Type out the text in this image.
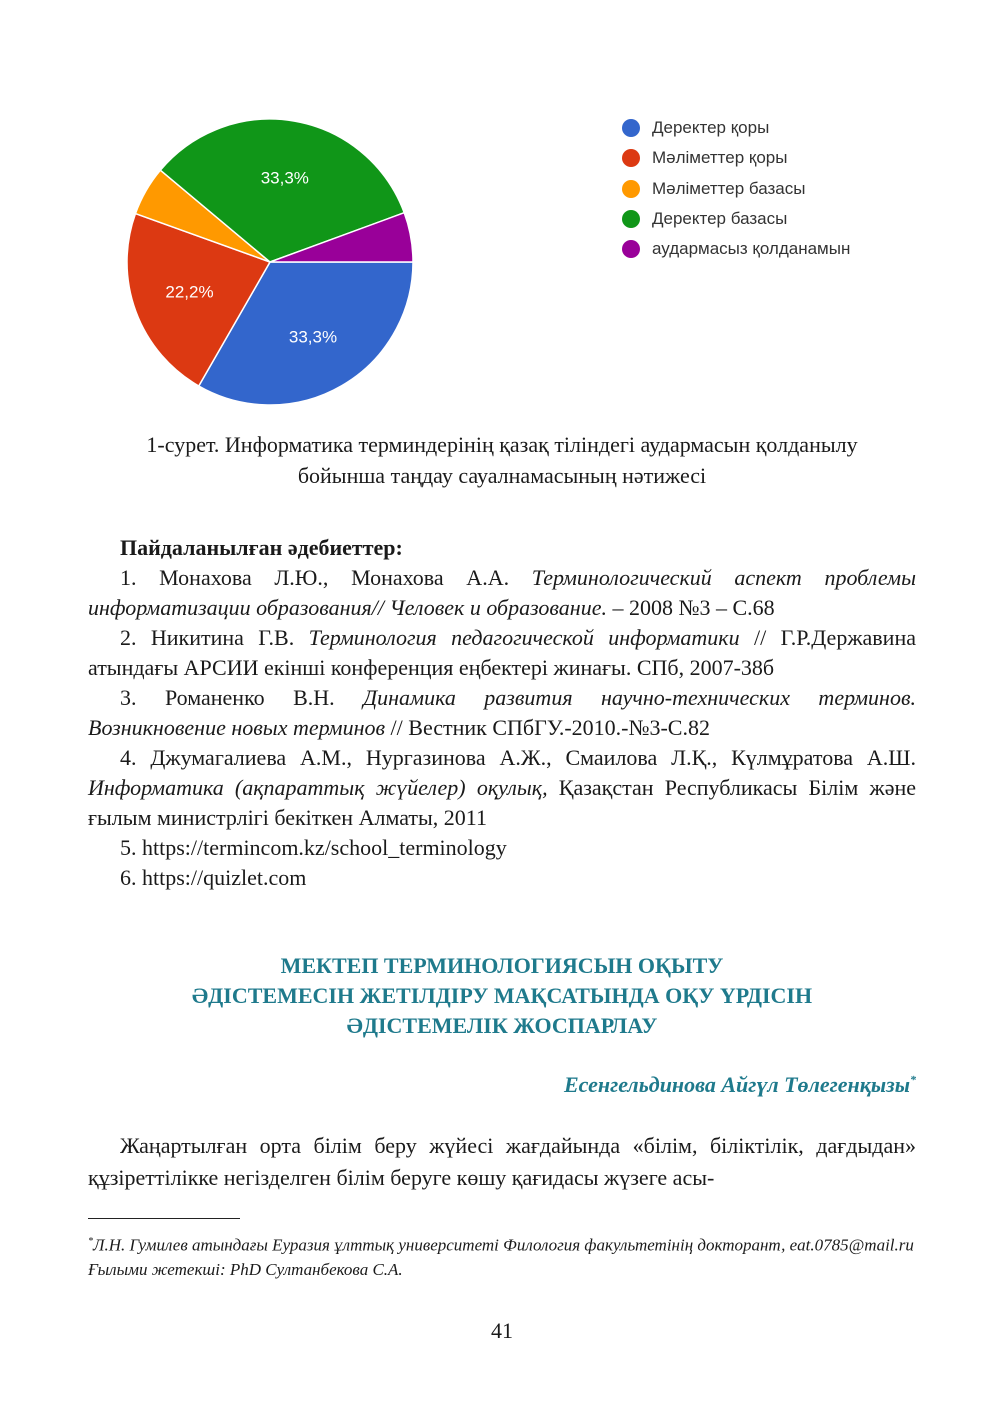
33,3%
22,2%
33,3%
Деректер қоры
Мәліметтер қоры
Мәліметтер базасы
Деректер базасы
аудармасыз қолданамын
1-сурет. Информатика терминдерінің қазақ тіліндегі аудармасын қолданылу
бойынша таңдау сауалнамасының нәтижесі

Пайдаланылған әдебиеттер:

1. Монахова Л.Ю., Монахова А.А. Терминологический аспект проблемы информатизации образования// Человек и образование. – 2008 №3 – С.68

2. Никитина Г.В. Терминология педагогической информатики // Г.Р.Державина атындағы АРСИИ екінші конференция еңбектері жинағы. СПб, 2007-38б

3. Романенко В.Н. Динамика развития научно-технических терминов. Возникновение новых терминов // Вестник СПбГУ.-2010.-№3-С.82

4. Джумагалиева А.М., Нургазинова А.Ж., Смаилова Л.Қ., Күлмұратова А.Ш. Информатика (ақпараттық жүйелер) оқулық, Қазақстан Республикасы Білім және ғылым министрлігі бекіткен Алматы, 2011

5. https://termincom.kz/school_terminology

6. https://quizlet.com

МЕКТЕП ТЕРМИНОЛОГИЯСЫН ОҚЫТУ
ӘДІСТЕМЕСІН ЖЕТІЛДІРУ МАҚСАТЫНДА ОҚУ ҮРДІСІН
ӘДІСТЕМЕЛІК ЖОСПАРЛАУ
Есенгельдинова Айгүл Төлегенқызы*

Жаңартылған орта білім беру жүйесі жағдайында «білім, біліктілік, дағдыдан» құзіреттілікке негізделген білім беруге көшу қағидасы жүзеге асы-

*Л.Н. Гумилев атындағы Еуразия ұлттық университеті Филология факультетінің докторант, eat.0785@mail.ru

Ғылыми жетекші: PhD Султанбекова С.А.

41
